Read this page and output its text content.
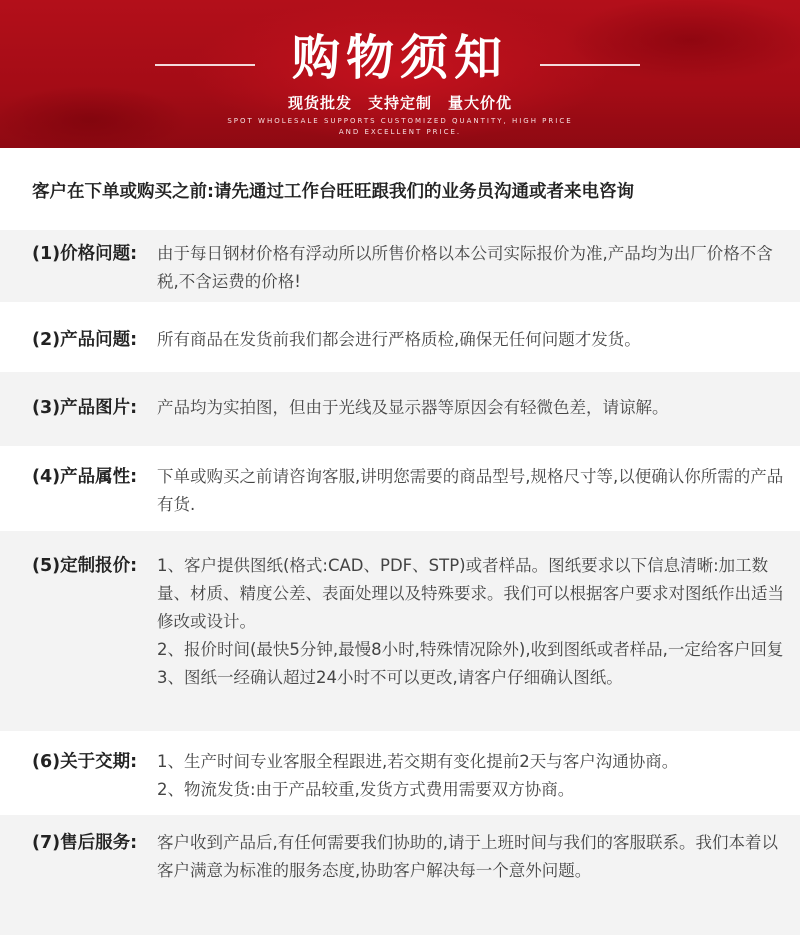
购物须知
现货批发　支持定制　量大价优
SPOT WHOLESALE SUPPORTS CUSTOMIZED QUANTITY, HIGH PRICE
AND EXCELLENT PRICE.
客户在下单或购买之前:请先通过工作台旺旺跟我们的业务员沟通或者来电咨询
(1)价格问题:	由于每日钢材价格有浮动所以所售价格以本公司实际报价为准,产品均为出厂价格不含税,不含运费的价格!

(2)产品问题:	所有商品在发货前我们都会进行严格质检,确保无任何问题才发货。

(3)产品图片:	产品均为实拍图，但由于光线及显示器等原因会有轻微色差，请谅解。

(4)产品属性:	下单或购买之前请咨询客服,讲明您需要的商品型号,规格尺寸等,以便确认你所需的产品有货.

(5)定制报价:	1、客户提供图纸(格式:CAD、PDF、STP)或者样品。图纸要求以下信息清晰:加工数量、材质、精度公差、表面处理以及特殊要求。我们可以根据客户要求对图纸作出适当修改或设计。

2、报价时间(最快5分钟,最慢8小时,特殊情况除外),收到图纸或者样品,一定给客户回复

3、图纸一经确认超过24小时不可以更改,请客户仔细确认图纸。

(6)关于交期:	1、生产时间专业客服全程跟进,若交期有变化提前2天与客户沟通协商。

2、物流发货:由于产品较重,发货方式费用需要双方协商。

(7)售后服务:	客户收到产品后,有任何需要我们协助的,请于上班时间与我们的客服联系。我们本着以客户满意为标准的服务态度,协助客户解决每一个意外问题。
